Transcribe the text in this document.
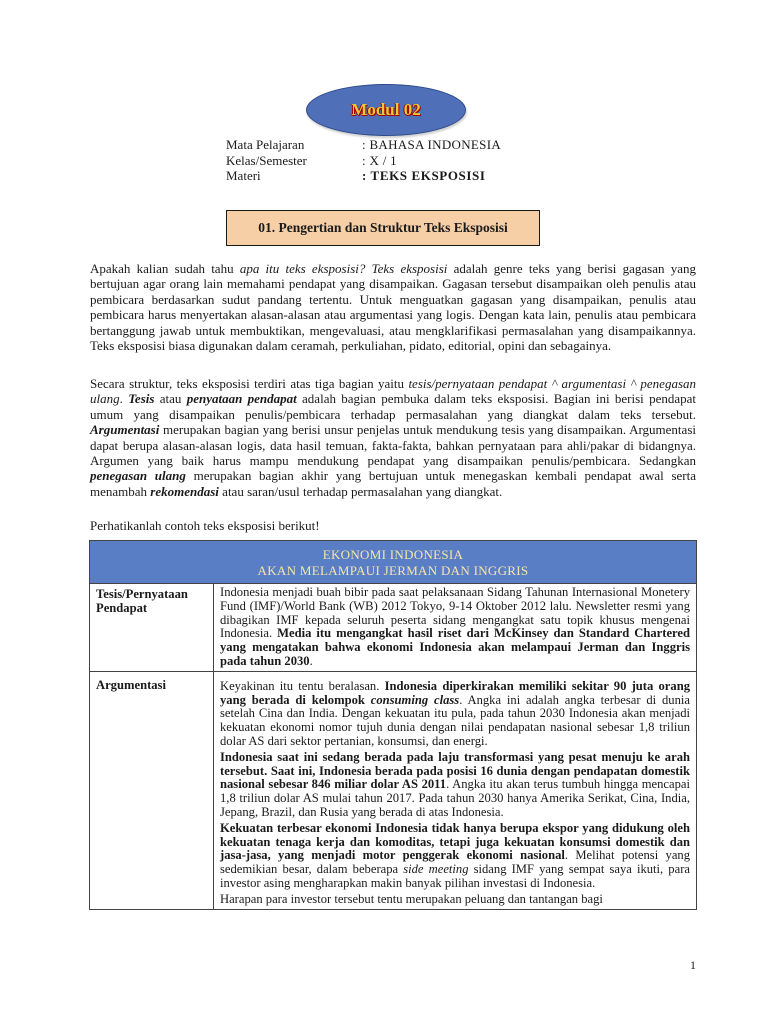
Modul 02
Mata Pelajaran	: BAHASA INDONESIA
Kelas/Semester	: X / 1
Materi	: TEKS EKSPOSISI
01. Pengertian dan Struktur Teks Eksposisi
Apakah kalian sudah tahu apa itu teks eksposisi? Teks eksposisi adalah genre teks yang berisi gagasan yang bertujuan agar orang lain memahami pendapat yang disampaikan. Gagasan tersebut disampaikan oleh penulis atau pembicara berdasarkan sudut pandang tertentu. Untuk menguatkan gagasan yang disampaikan, penulis atau pembicara harus menyertakan alasan-alasan atau argumentasi yang logis. Dengan kata lain, penulis atau pembicara bertanggung jawab untuk membuktikan, mengevaluasi, atau mengklarifikasi permasalahan yang disampaikannya. Teks eksposisi biasa digunakan dalam ceramah, perkuliahan, pidato, editorial, opini dan sebagainya.
Secara struktur, teks eksposisi terdiri atas tiga bagian yaitu tesis/pernyataan pendapat ^ argumentasi ^ penegasan ulang. Tesis atau penyataan pendapat adalah bagian pembuka dalam teks eksposisi. Bagian ini berisi pendapat umum yang disampaikan penulis/pembicara terhadap permasalahan yang diangkat dalam teks tersebut. Argumentasi merupakan bagian yang berisi unsur penjelas untuk mendukung tesis yang disampaikan. Argumentasi dapat berupa alasan-alasan logis, data hasil temuan, fakta-fakta, bahkan pernyataan para ahli/pakar di bidangnya. Argumen yang baik harus mampu mendukung pendapat yang disampaikan penulis/pembicara. Sedangkan penegasan ulang merupakan bagian akhir yang bertujuan untuk menegaskan kembali pendapat awal serta menambah rekomendasi atau saran/usul terhadap permasalahan yang diangkat.
Perhatikanlah contoh teks eksposisi berikut!
EKONOMI INDONESIA
AKAN MELAMPAUI JERMAN DAN INGGRIS	

Tesis/Pernyataan Pendapat	Indonesia menjadi buah bibir pada saat pelaksanaan Sidang Tahunan Internasional Monetery Fund (IMF)/World Bank (WB) 2012 Tokyo, 9-14 Oktober 2012 lalu. Newsletter resmi yang dibagikan IMF kepada seluruh peserta sidang mengangkat satu topik khusus mengenai Indonesia. Media itu mengangkat hasil riset dari McKinsey dan Standard Chartered yang mengatakan bahwa ekonomi Indonesia akan melampaui Jerman dan Inggris pada tahun 2030.
Argumentasi	Keyakinan itu tentu beralasan. Indonesia diperkirakan memiliki sekitar 90 juta orang yang berada di kelompok consuming class. Angka ini adalah angka terbesar di dunia setelah Cina dan India. Dengan kekuatan itu pula, pada tahun 2030 Indonesia akan menjadi kekuatan ekonomi nomor tujuh dunia dengan nilai pendapatan nasional sebesar 1,8 triliun dolar AS dari sektor pertanian, konsumsi, dan energi.

Indonesia saat ini sedang berada pada laju transformasi yang pesat menuju ke arah tersebut. Saat ini, Indonesia berada pada posisi 16 dunia dengan pendapatan domestik nasional sebesar 846 miliar dolar AS 2011. Angka itu akan terus tumbuh hingga mencapai 1,8 triliun dolar AS mulai tahun 2017. Pada tahun 2030 hanya Amerika Serikat, Cina, India, Jepang, Brazil, dan Rusia yang berada di atas Indonesia.

Kekuatan terbesar ekonomi Indonesia tidak hanya berupa ekspor yang didukung oleh kekuatan tenaga kerja dan komoditas, tetapi juga kekuatan konsumsi domestik dan jasa-jasa, yang menjadi motor penggerak ekonomi nasional. Melihat potensi yang sedemikian besar, dalam beberapa side meeting sidang IMF yang sempat saya ikuti, para investor asing mengharapkan makin banyak pilihan investasi di Indonesia.

Harapan para investor tersebut tentu merupakan peluang dan tantangan bagi

1
